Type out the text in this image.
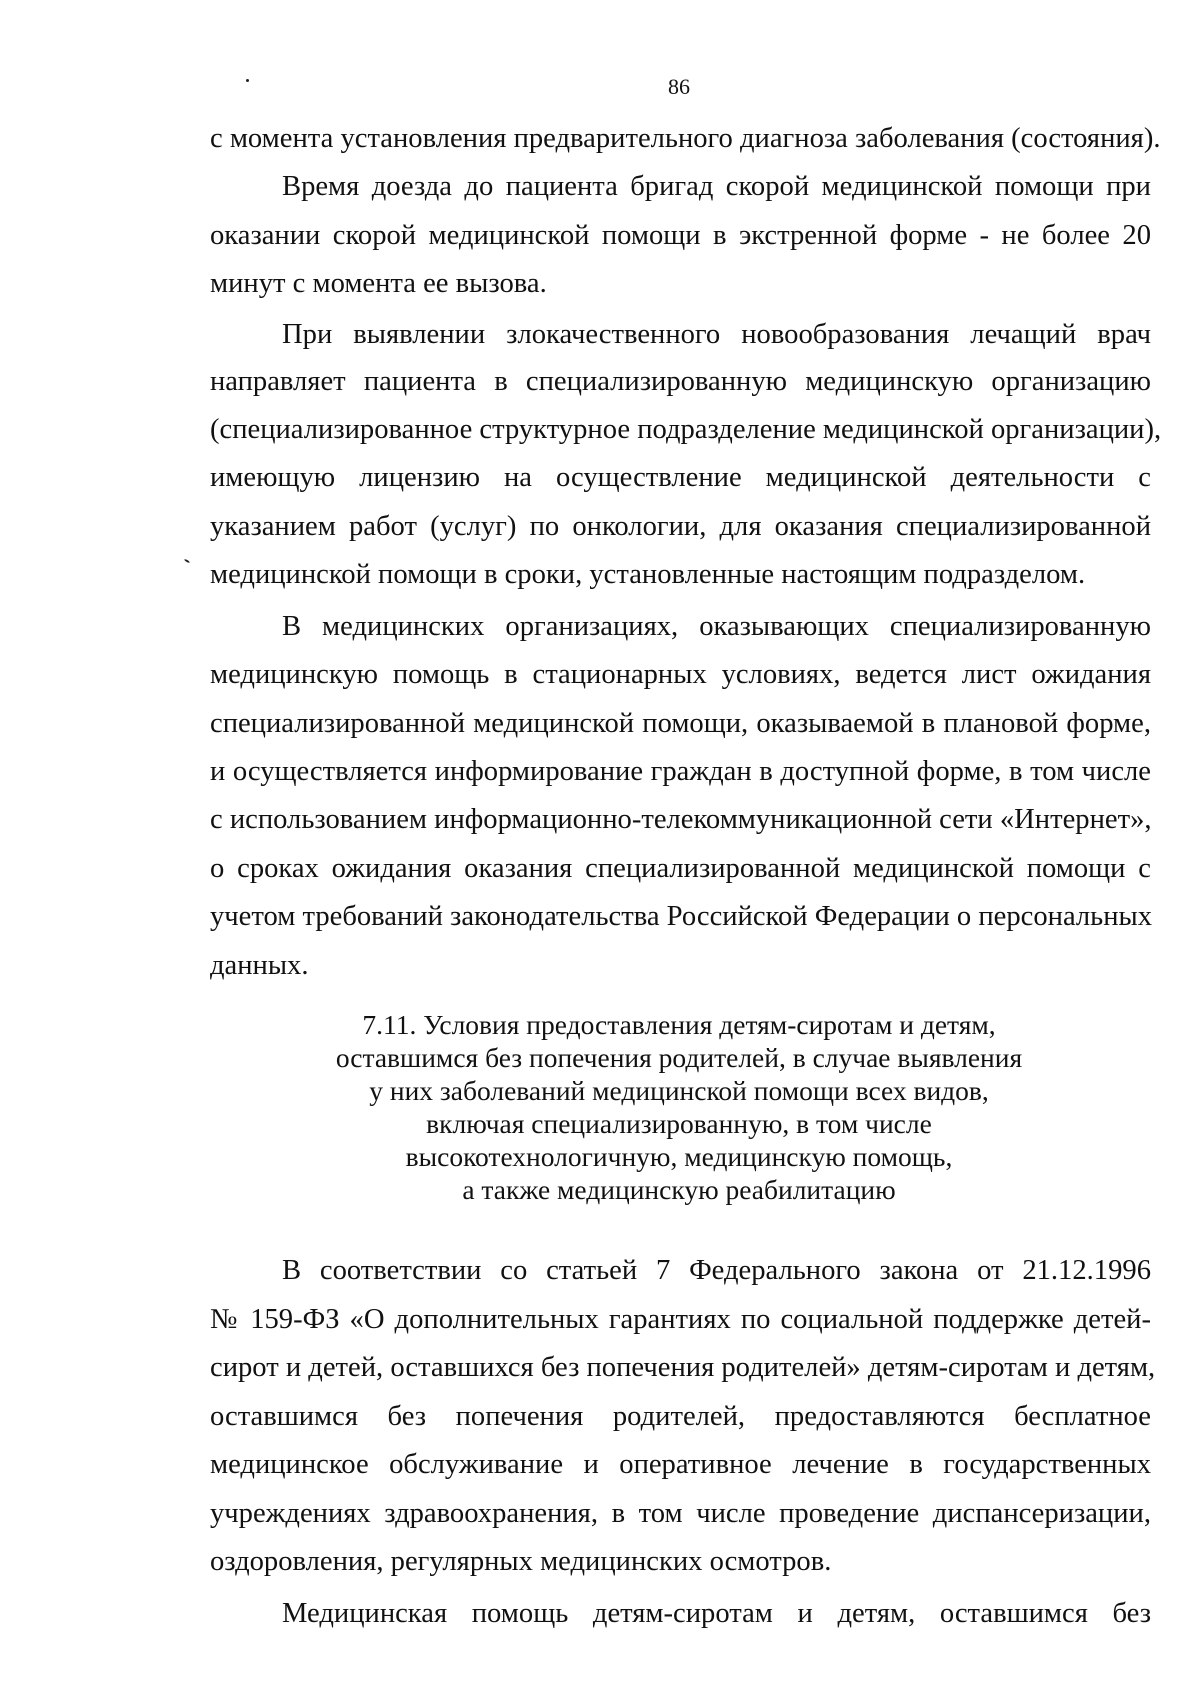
86
с момента установления предварительного диагноза заболевания (состояния).
Время доезда до пациента бригад скорой медицинской помощи при
оказании скорой медицинской помощи в экстренной форме - не более 20
минут с момента ее вызова.
При выявлении злокачественного новообразования лечащий врач
направляет пациента в специализированную медицинскую организацию
(специализированное структурное подразделение медицинской организации),
имеющую лицензию на осуществление медицинской деятельности с
указанием работ (услуг) по онкологии, для оказания специализированной
медицинской помощи в сроки, установленные настоящим подразделом.
В медицинских организациях, оказывающих специализированную
медицинскую помощь в стационарных условиях, ведется лист ожидания
специализированной медицинской помощи, оказываемой в плановой форме,
и осуществляется информирование граждан в доступной форме, в том числе
с использованием информационно-телекоммуникационной сети «Интернет»,
о сроках ожидания оказания специализированной медицинской помощи с
учетом требований законодательства Российской Федерации о персональных
данных.
7.11. Условия предоставления детям-сиротам и детям,
оставшимся без попечения родителей, в случае выявления
у них заболеваний медицинской помощи всех видов,
включая специализированную, в том числе
высокотехнологичную, медицинскую помощь,
а также медицинскую реабилитацию
В соответствии со статьей 7 Федерального закона от 21.12.1996
№ 159-ФЗ «О дополнительных гарантиях по социальной поддержке детей-
сирот и детей, оставшихся без попечения родителей» детям-сиротам и детям,
оставшимся без попечения родителей, предоставляются бесплатное
медицинское обслуживание и оперативное лечение в государственных
учреждениях здравоохранения, в том числе проведение диспансеризации,
оздоровления, регулярных медицинских осмотров.
Медицинская помощь детям-сиротам и детям, оставшимся без
